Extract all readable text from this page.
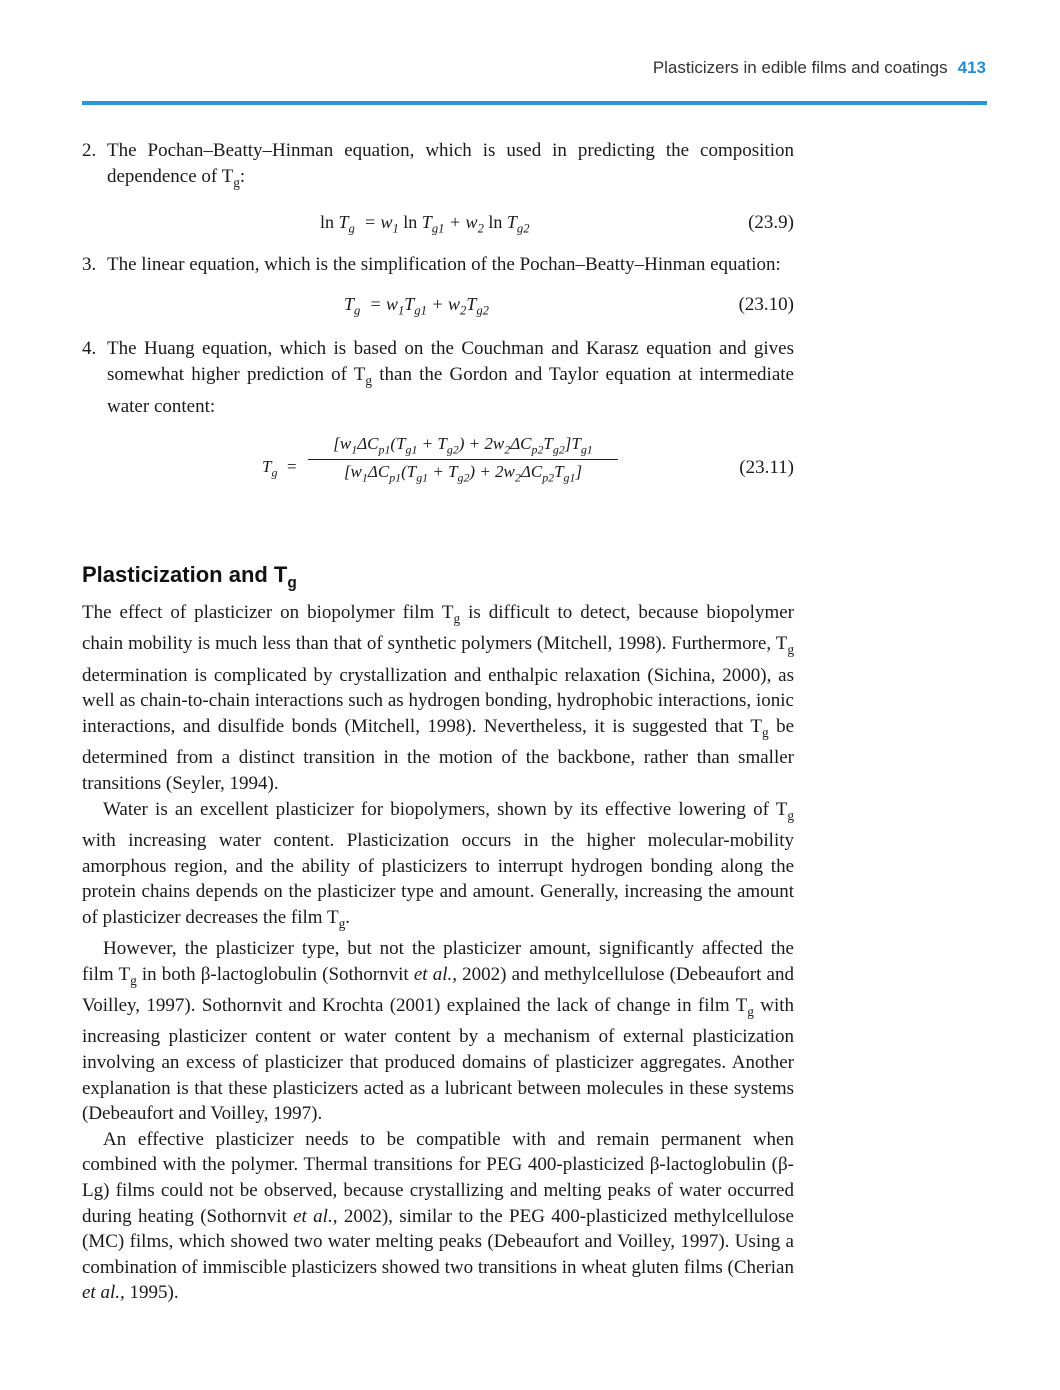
Plasticizers in edible films and coatings 413

2. The Pochan–Beatty–Hinman equation, which is used in predicting the composition dependence of $T_g$:

$\ln T_g = w_1$ $\ln T_{g1} + w_2$ $\ln T_{g2}$	(23.9)

3. The linear equation, which is the simplification of the Pochan–Beatty–Hinman equation:

$T_g = w_1T_{g1} + w_2T_{g2}$	(23.10)

4. The Huang equation, which is based on the Couchman and Karasz equation and gives somewhat higher prediction of $T_g$ than the Gordon and Taylor equation at intermediate water content:

$T_g$  =
$[w_1\Delta C_{p1}(T_{g1} + T_{g2}) + 2w_2\Delta C_{p2}T_{g2}]T_{g1}$
$[w_1\Delta C_{p1}(T_{g1} + T_{g2}) + 2w_2\Delta C_{p2}T_{g1}]$	(23.11)
Plasticization and $T_g$

The effect of plasticizer on biopolymer film $T_g$ is difficult to detect, because biopolymer chain mobility is much less than that of synthetic polymers (Mitchell, 1998). Furthermore, $T_g$ determination is complicated by crystallization and enthalpic relaxation (Sichina, 2000), as well as chain-to-chain interactions such as hydrogen bonding, hydrophobic interactions, ionic interactions, and disulfide bonds (Mitchell, 1998). Nevertheless, it is suggested that $T_g$ be determined from a distinct transition in the motion of the backbone, rather than smaller transitions (Seyler, 1994).

Water is an excellent plasticizer for biopolymers, shown by its effective lowering of $T_g$ with increasing water content. Plasticization occurs in the higher molecular-mobility amorphous region, and the ability of plasticizers to interrupt hydrogen bonding along the protein chains depends on the plasticizer type and amount. Generally, increasing the amount of plasticizer decreases the film $T_g$.

However, the plasticizer type, but not the plasticizer amount, significantly affected the film $T_g$ in both β-lactoglobulin (Sothornvit et al., 2002) and methylcellulose (Debeaufort and Voilley, 1997). Sothornvit and Krochta (2001) explained the lack of change in film $T_g$ with increasing plasticizer content or water content by a mechanism of external plasticization involving an excess of plasticizer that produced domains of plasticizer aggregates. Another explanation is that these plasticizers acted as a lubricant between molecules in these systems (Debeaufort and Voilley, 1997).

An effective plasticizer needs to be compatible with and remain permanent when combined with the polymer. Thermal transitions for PEG 400-plasticized β-lactoglobulin (β-Lg) films could not be observed, because crystallizing and melting peaks of water occurred during heating (Sothornvit et al., 2002), similar to the PEG 400-plasticized methylcellulose (MC) films, which showed two water melting peaks (Debeaufort and Voilley, 1997). Using a combination of immiscible plasticizers showed two transitions in wheat gluten films (Cherian et al., 1995).
